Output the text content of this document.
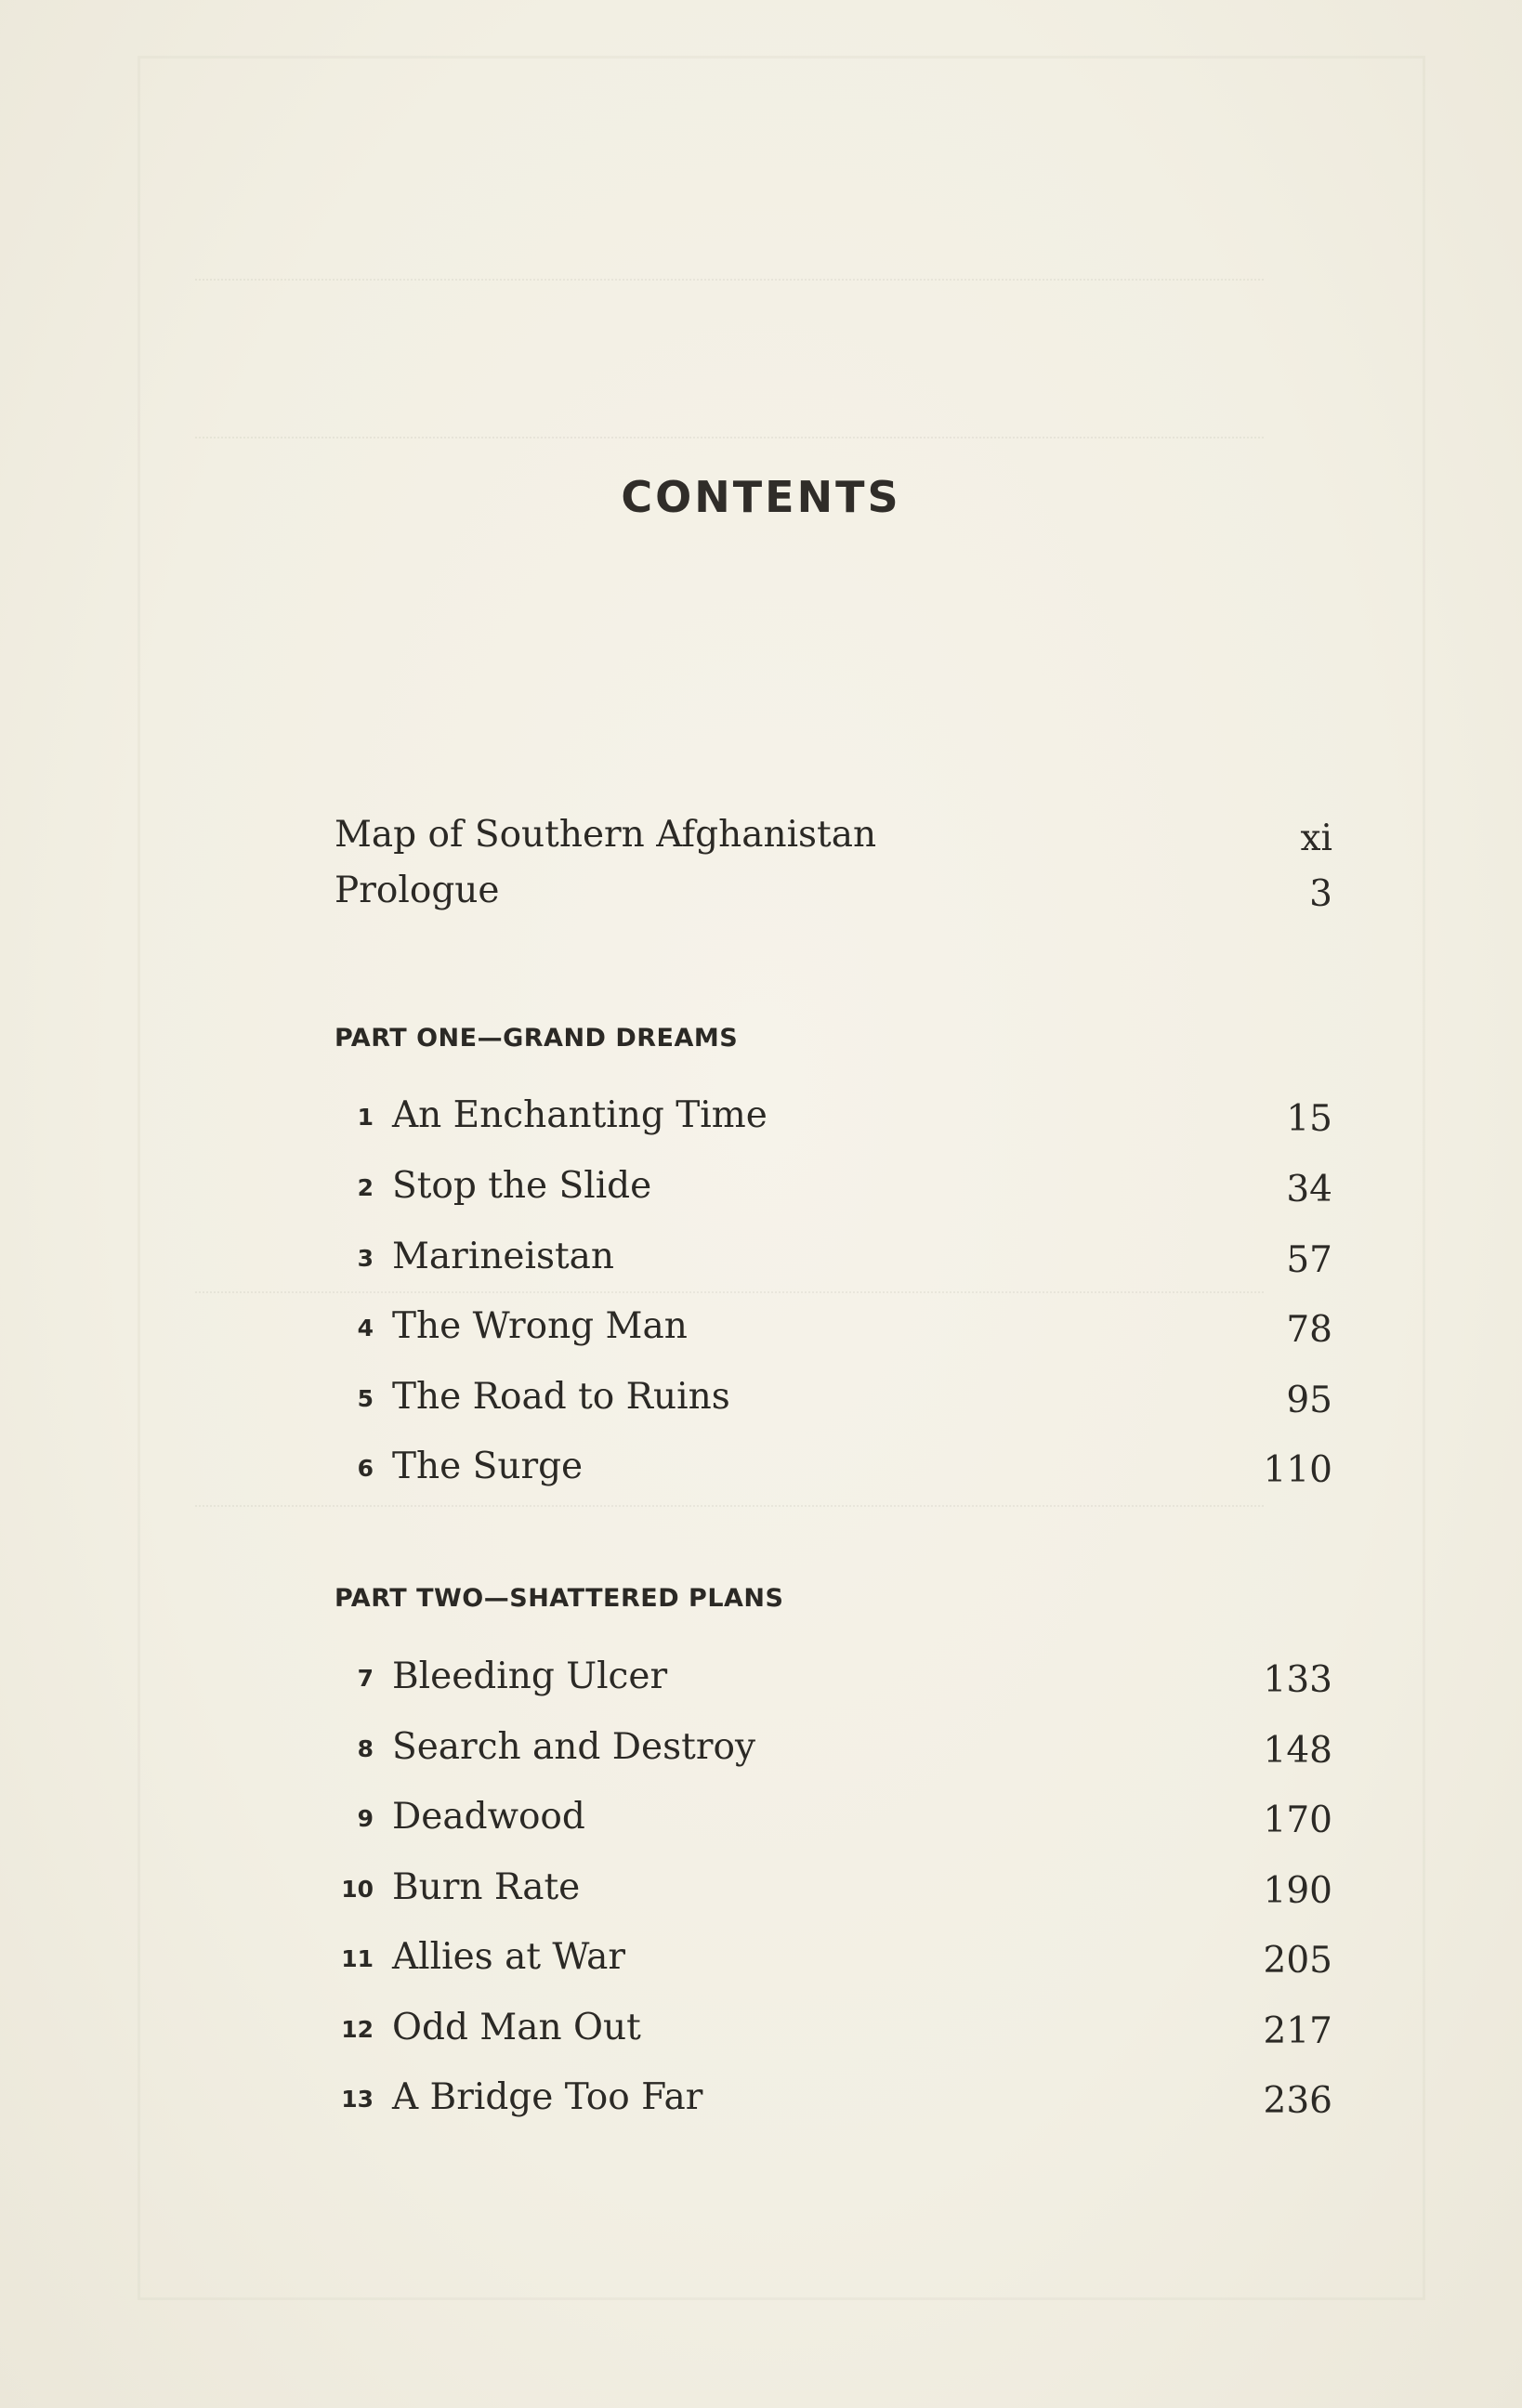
CONTENTS
Map of Southern Afghanistan	xi
Prologue	3
PART ONE—GRAND DREAMS
1 An Enchanting Time	15
2 Stop the Slide	34
3 Marineistan	57
4 The Wrong Man	78
5 The Road to Ruins	95
6 The Surge	110
PART TWO—SHATTERED PLANS
7 Bleeding Ulcer	133
8 Search and Destroy	148
9 Deadwood	170
10 Burn Rate	190
11 Allies at War	205
12 Odd Man Out	217
13 A Bridge Too Far	236
